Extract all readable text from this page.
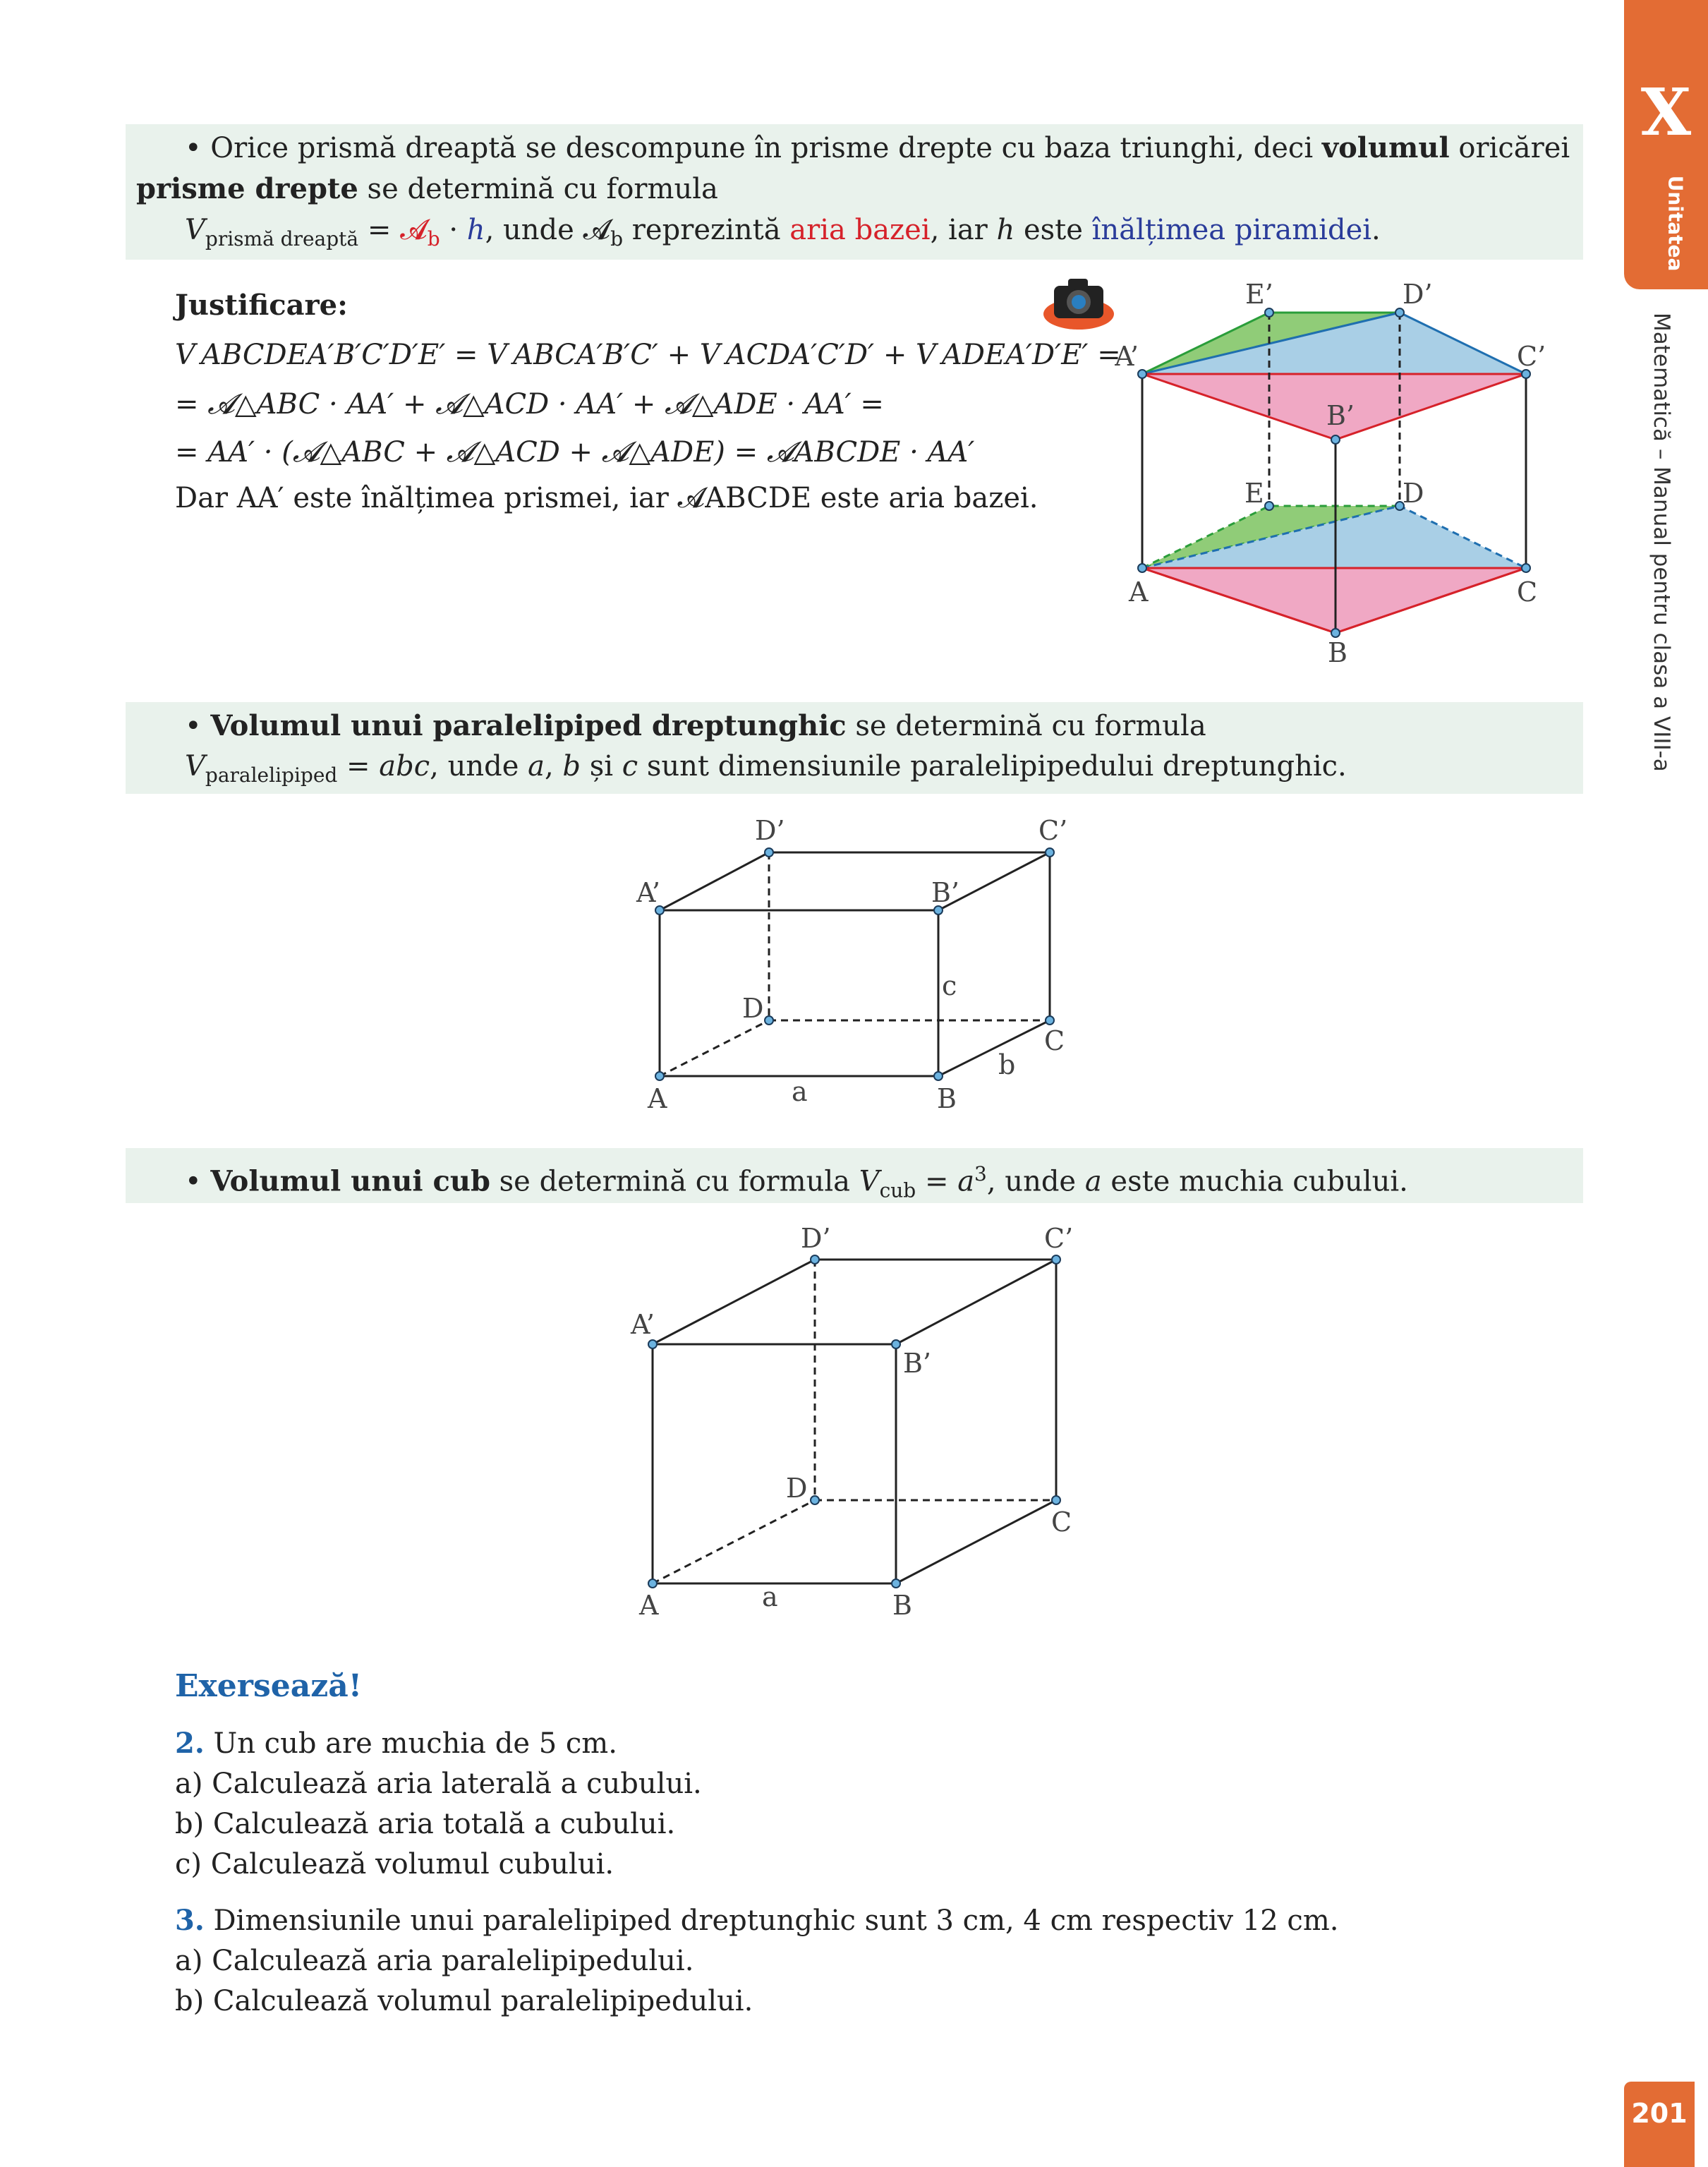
X
Unitatea
Matematică – Manual pentru clasa a VIII-a
201
• Orice prismă dreaptă se descompune în prisme drepte cu baza triunghi, deci volumul oricărei
prisme drepte se determină cu formula
$V_{prismă dreaptă}$ = 𝓐$_b$ · h, unde 𝓐$_b$ reprezintă aria bazei, iar h este înălțimea piramidei.
Justificare:
V ABCDEA′B′C′D′E′ = V ABCA′B′C′ + V ACDA′C′D′ + V ADEA′D′E′ =
= 𝓐△ABC · AA′ + 𝓐△ACD · AA′ + 𝓐△ADE · AA′ =
= AA′ · (𝓐△ABC + 𝓐△ACD + 𝓐△ADE) = 𝓐ABCDE · AA′
Dar AA′ este înălțimea prismei, iar 𝓐ABCDE este aria bazei.
E’	D’
A’	C’
B’
E	D
A	C
B
• Volumul unui paralelipiped dreptunghic se determină cu formula
$V_{paralelipiped}$ = abc, unde a, b și c sunt dimensiunile paralelipipedului dreptunghic.
D’	C’
A’	B’
c
D
C
b
A	a	B
• Volumul unui cub se determină cu formula $V_{cub} = a^3$, unde a este muchia cubului.
D’	C’
A’
B’
D
C
A	a	B
Exersează!
2. Un cub are muchia de 5 cm.
a) Calculează aria laterală a cubului.
b) Calculează aria totală a cubului.
c) Calculează volumul cubului.
3. Dimensiunile unui paralelipiped dreptunghic sunt 3 cm, 4 cm respectiv 12 cm.
a) Calculează aria paralelipipedului.
b) Calculează volumul paralelipipedului.
